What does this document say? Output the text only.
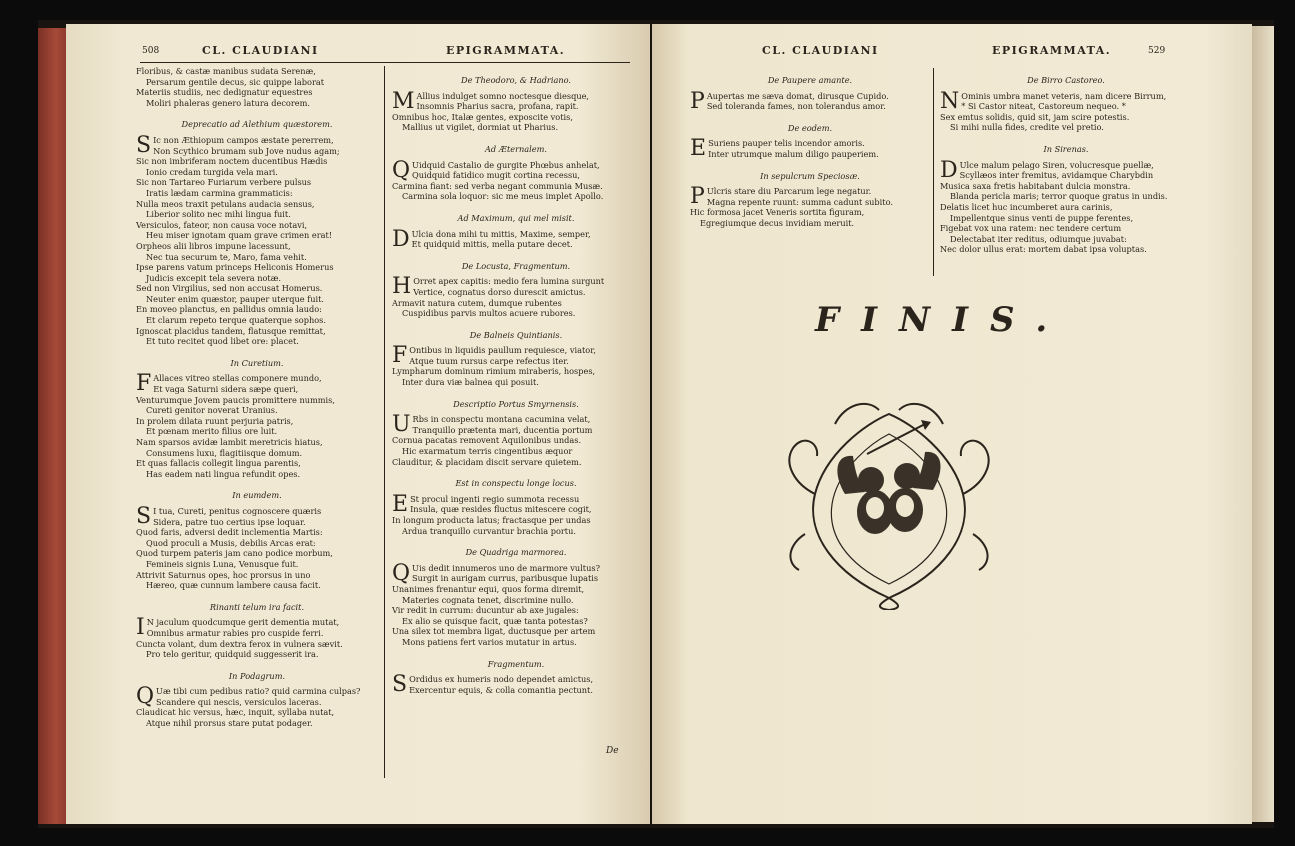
508	CL. CLAUDIANI	EPIGRAMMATA.

Floribus, & castæ manibus sudata Serenæ,

Persarum gentile decus, sic quippe laborat

Materiis studiis, nec dedignatur equestres

Moliri phaleras genero latura decorem.

Deprecatio ad Alethium quæstorem.

S Ic non Æthiopum campos æstate pererrem,

Non Scythico brumam sub Jove nudus agam;

Sic non imbriferam noctem ducentibus Hædis

Ionio credam turgida vela mari.

Sic non Tartareo Furiarum verbere pulsus

Iratis lædam carmina grammaticis:

Nulla meos traxit petulans audacia sensus,

Liberior solito nec mihi lingua fuit.

Versiculos, fateor, non causa voce notavi,

Heu miser ignotam quam grave crimen erat!

Orpheos alii libros impune lacessunt,

Nec tua securum te, Maro, fama vehit.

Ipse parens vatum princeps Heliconis Homerus

Judicis excepit tela severa notæ.

Sed non Virgilius, sed non accusat Homerus.

Neuter enim quæstor, pauper uterque fuit.

En moveo planctus, en pallidus omnia laudo:

Et clarum repeto terque quaterque sophos.

Ignoscat placidus tandem, flatusque remittat,

Et tuto recitet quod libet ore: placet.

In Curetium.

F Allaces vitreo stellas componere mundo,

Et vaga Saturni sidera sæpe queri,

Venturumque Jovem paucis promittere nummis,

Cureti genitor noverat Uranius.

In prolem dilata ruunt perjuria patris,

Et pœnam merito filius ore luit.

Nam sparsos avidæ lambit meretricis hiatus,

Consumens luxu, flagitiisque domum.

Et quas fallacis collegit lingua parentis,

Has eadem nati lingua refundit opes.

In eumdem.

S I tua, Cureti, penitus cognoscere quæris

Sidera, patre tuo certius ipse loquar.

Quod faris, adversi dedit inclementia Martis:

Quod proculi a Musis, debilis Arcas erat:

Quod turpem pateris jam cano podice morbum,

Femineis signis Luna, Venusque fuit.

Attrivit Saturnus opes, hoc prorsus in uno

Hæreo, quæ cunnum lambere causa facit.

Rinanti telum ira facit.

I N jaculum quodcumque gerit dementia mutat,

Omnibus armatur rabies pro cuspide ferri.

Cuncta volant, dum dextra ferox in vulnera sævit.

Pro telo geritur, quidquid suggesserit ira.

In Podagrum.

Q Uæ tibi cum pedibus ratio? quid carmina culpas?

Scandere qui nescis, versiculos laceras.

Claudicat hic versus, hæc, inquit, syllaba nutat,

Atque nihil prorsus stare putat podager.

De Theodoro, & Hadriano.

M Allius indulget somno noctesque diesque,

Insomnis Pharius sacra, profana, rapit.

Omnibus hoc, Italæ gentes, exposcite votis,

Mallius ut vigilet, dormiat ut Pharius.

Ad Æternalem.

Q Uidquid Castalio de gurgite Phœbus anhelat,

Quidquid fatidico mugit cortina recessu,

Carmina fiant: sed verba negant communia Musæ.

Carmina sola loquor: sic me meus implet Apollo.

Ad Maximum, qui mel misit.

D Ulcia dona mihi tu mittis, Maxime, semper,

Et quidquid mittis, mella putare decet.

De Locusta, Fragmentum.

H Orret apex capitis: medio fera lumina surgunt

Vertice, cognatus dorso durescit amictus.

Armavit natura cutem, dumque rubentes

Cuspidibus parvis multos acuere rubores.

De Balneis Quintianis.

F Ontibus in liquidis paullum requiesce, viator,

Atque tuum rursus carpe refectus iter.

Lympharum dominum rimium miraberis, hospes,

Inter dura viæ balnea qui posuit.

Descriptio Portus Smyrnensis.

U Rbs in conspectu montana cacumina velat,

Tranquillo prætenta mari, ducentia portum

Cornua pacatas removent Aquilonibus undas.

Hic exarmatum terris cingentibus æquor

Clauditur, & placidam discit servare quietem.

Est in conspectu longe locus.

E St procul ingenti regio summota recessu

Insula, quæ resides fluctus mitescere cogit,

In longum producta latus; fractasque per undas

Ardua tranquillo curvantur brachia portu.

De Quadriga marmorea.

Q Uis dedit innumeros uno de marmore vultus?

Surgit in aurigam currus, paribusque lupatis

Unanimes frenantur equi, quos forma diremit,

Materies cognata tenet, discrimine nullo.

Vir redit in currum: ducuntur ab axe jugales:

Ex alio se quisque facit, quæ tanta potestas?

Una silex tot membra ligat, ductusque per artem

Mons patiens fert varios mutatur in artus.

Fragmentum.

S Ordidus ex humeris nodo dependet amictus,

Exercentur equis, & colla comantia pectunt.

De
CL. CLAUDIANI	EPIGRAMMATA.	529

De Paupere amante.

P Aupertas me sæva domat, dirusque Cupido.

Sed toleranda fames, non tolerandus amor.

De eodem.

E Suriens pauper telis incendor amoris.

Inter utrumque malum diligo pauperiem.

In sepulcrum Speciosæ.

P Ulcris stare diu Parcarum lege negatur.

Magna repente ruunt: summa cadunt subito.

Hic formosa jacet Veneris sortita figuram,

Egregiumque decus invidiam meruit.

De Birro Castoreo.

N Ominis umbra manet veteris, nam dicere Birrum,

* Si Castor niteat, Castoreum nequeo. *

Sex emtus solidis, quid sit, jam scire potestis.

Si mihi nulla fides, credite vel pretio.

In Sirenas.

D Ulce malum pelago Siren, volucresque puellæ,

Scyllæos inter fremitus, avidamque Charybdin

Musica saxa fretis habitabant dulcia monstra.

Blanda pericla maris; terror quoque gratus in undis.

Delatis licet huc incumberet aura carinis,

Impellentque sinus venti de puppe ferentes,

Figebat vox una ratem: nec tendere certum

Delectabat iter reditus, odiumque juvabat:

Nec dolor ullus erat: mortem dabat ipsa voluptas.

FINIS.
